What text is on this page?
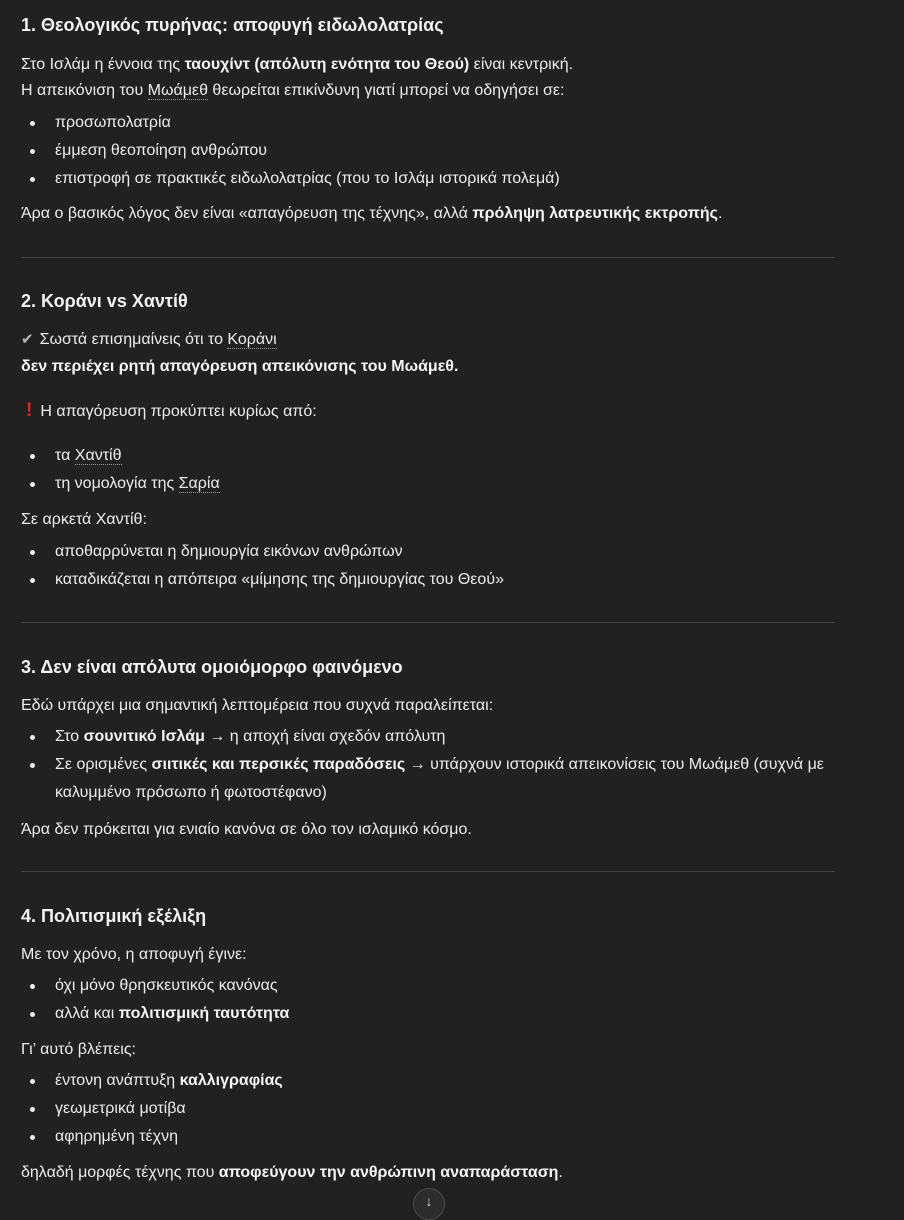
1. Θεολογικός πυρήνας: αποφυγή ειδωλολατρίας

Στο Ισλάμ η έννοια της ταουχίντ (απόλυτη ενότητα του Θεού) είναι κεντρική.

Η απεικόνιση του Μωάμεθ θεωρείται επικίνδυνη γιατί μπορεί να οδηγήσει σε:

προσωπολατρία
έμμεση θεοποίηση ανθρώπου
επιστροφή σε πρακτικές ειδωλολατρίας (που το Ισλάμ ιστορικά πολεμά)

Άρα ο βασικός λόγος δεν είναι «απαγόρευση της τέχνης», αλλά πρόληψη λατρευτικής εκτροπής.

2. Κοράνι vs Χαντίθ

✔ Σωστά επισημαίνεις ότι το Κοράνι

δεν περιέχει ρητή απαγόρευση απεικόνισης του Μωάμεθ.

! Η απαγόρευση προκύπτει κυρίως από:

τα Χαντίθ
τη νομολογία της Σαρία

Σε αρκετά Χαντίθ:

αποθαρρύνεται η δημιουργία εικόνων ανθρώπων
καταδικάζεται η απόπειρα «μίμησης της δημιουργίας του Θεού»
3. Δεν είναι απόλυτα ομοιόμορφο φαινόμενο

Εδώ υπάρχει μια σημαντική λεπτομέρεια που συχνά παραλείπεται:

Στο σουνιτικό Ισλάμ → η αποχή είναι σχεδόν απόλυτη
Σε ορισμένες σιιτικές και περσικές παραδόσεις → υπάρχουν ιστορικά απεικονίσεις του Μωάμεθ (συχνά με καλυμμένο πρόσωπο ή φωτοστέφανο)

Άρα δεν πρόκειται για ενιαίο κανόνα σε όλο τον ισλαμικό κόσμο.

4. Πολιτισμική εξέλιξη

Με τον χρόνο, η αποφυγή έγινε:

όχι μόνο θρησκευτικός κανόνας
αλλά και πολιτισμική ταυτότητα

Γι’ αυτό βλέπεις:

έντονη ανάπτυξη καλλιγραφίας
γεωμετρικά μοτίβα
αφηρημένη τέχνη

δηλαδή μορφές τέχνης που αποφεύγουν την ανθρώπινη αναπαράσταση.

↓
